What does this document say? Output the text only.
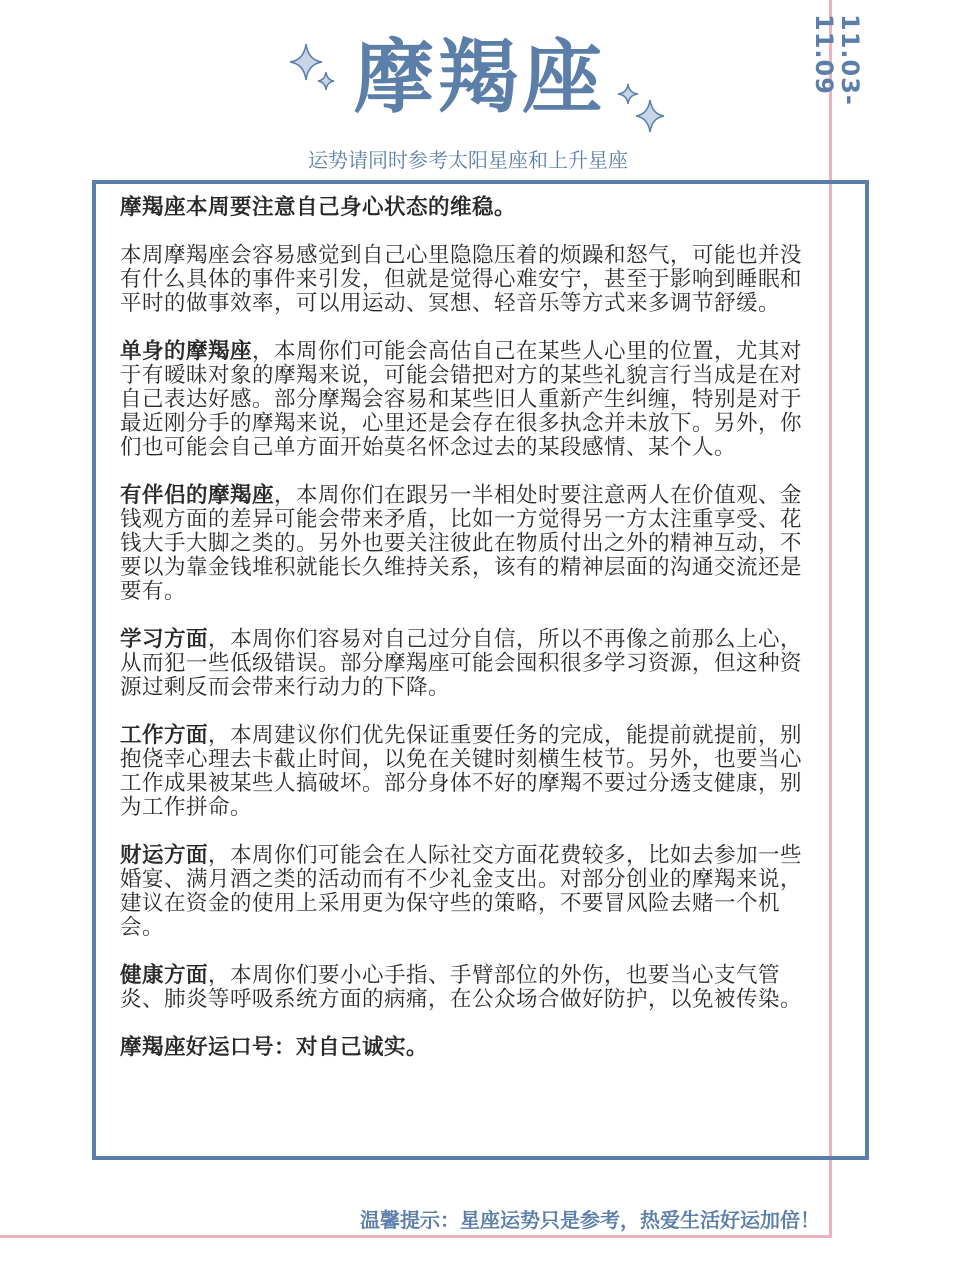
11.03-11.09
摩羯座
运势请同时参考太阳星座和上升星座

摩羯座本周要注意自己身心状态的维稳。

本周摩羯座会容易感觉到自己心里隐隐压着的烦躁和怒气，可能也并没有什么具体的事件来引发，但就是觉得心难安宁，甚至于影响到睡眠和平时的做事效率，可以用运动、冥想、轻音乐等方式来多调节舒缓。

单身的摩羯座，本周你们可能会高估自己在某些人心里的位置，尤其对于有暧昧对象的摩羯来说，可能会错把对方的某些礼貌言行当成是在对自己表达好感。部分摩羯会容易和某些旧人重新产生纠缠，特别是对于最近刚分手的摩羯来说，心里还是会存在很多执念并未放下。另外，你们也可能会自己单方面开始莫名怀念过去的某段感情、某个人。

有伴侣的摩羯座，本周你们在跟另一半相处时要注意两人在价值观、金钱观方面的差异可能会带来矛盾，比如一方觉得另一方太注重享受、花钱大手大脚之类的。另外也要关注彼此在物质付出之外的精神互动，不要以为靠金钱堆积就能长久维持关系，该有的精神层面的沟通交流还是要有。

学习方面，本周你们容易对自己过分自信，所以不再像之前那么上心，从而犯一些低级错误。部分摩羯座可能会囤积很多学习资源，但这种资源过剩反而会带来行动力的下降。

工作方面，本周建议你们优先保证重要任务的完成，能提前就提前，别抱侥幸心理去卡截止时间，以免在关键时刻横生枝节。另外，也要当心工作成果被某些人搞破坏。部分身体不好的摩羯不要过分透支健康，别为工作拼命。

财运方面，本周你们可能会在人际社交方面花费较多，比如去参加一些婚宴、满月酒之类的活动而有不少礼金支出。对部分创业的摩羯来说，建议在资金的使用上采用更为保守些的策略，不要冒风险去赌一个机会。

健康方面，本周你们要小心手指、手臂部位的外伤，也要当心支气管炎、肺炎等呼吸系统方面的病痛，在公众场合做好防护，以免被传染。

摩羯座好运口号：对自己诚实。

温馨提示：星座运势只是参考，热爱生活好运加倍！
